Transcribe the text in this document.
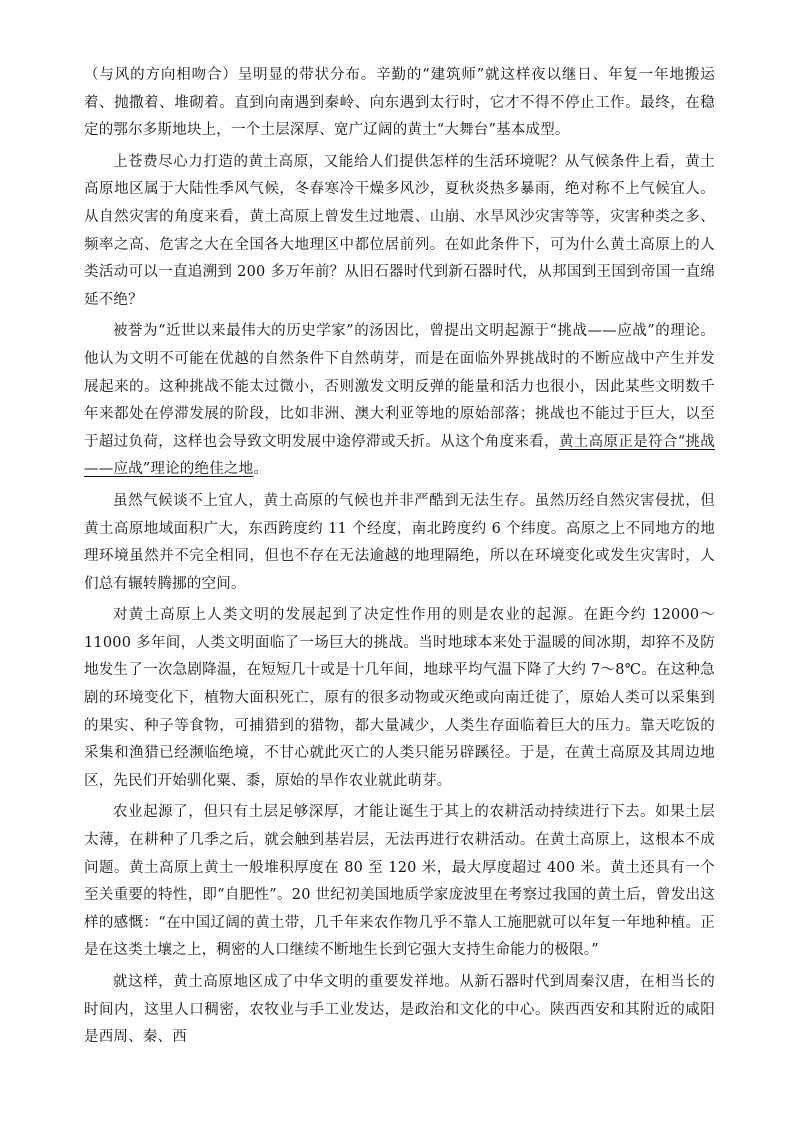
（与风的方向相吻合）呈明显的带状分布。辛勤的“建筑师”就这样夜以继日、年复一年地搬运着、抛撒着、堆砌着。直到向南遇到秦岭、向东遇到太行时，它才不得不停止工作。最终，在稳定的鄂尔多斯地块上，一个土层深厚、宽广辽阔的黄土“大舞台”基本成型。

上苍费尽心力打造的黄土高原，又能给人们提供怎样的生活环境呢？从气候条件上看，黄土高原地区属于大陆性季风气候，冬春寒冷干燥多风沙，夏秋炎热多暴雨，绝对称不上气候宜人。从自然灾害的角度来看，黄土高原上曾发生过地震、山崩、水旱风沙灾害等等，灾害种类之多、频率之高、危害之大在全国各大地理区中都位居前列。在如此条件下，可为什么黄土高原上的人类活动可以一直追溯到 200 多万年前？从旧石器时代到新石器时代，从邦国到王国到帝国一直绵延不绝？

被誉为“近世以来最伟大的历史学家”的汤因比，曾提出文明起源于“挑战——应战”的理论。他认为文明不可能在优越的自然条件下自然萌芽，而是在面临外界挑战时的不断应战中产生并发展起来的。这种挑战不能太过微小，否则激发文明反弹的能量和活力也很小，因此某些文明数千年来都处在停滞发展的阶段，比如非洲、澳大利亚等地的原始部落；挑战也不能过于巨大，以至于超过负荷，这样也会导致文明发展中途停滞或夭折。从这个角度来看，黄土高原正是符合“挑战——应战”理论的绝佳之地。

虽然气候谈不上宜人，黄土高原的气候也并非严酷到无法生存。虽然历经自然灾害侵扰，但黄土高原地域面积广大，东西跨度约 11 个经度，南北跨度约 6 个纬度。高原之上不同地方的地理环境虽然并不完全相同，但也不存在无法逾越的地理隔绝，所以在环境变化或发生灾害时，人们总有辗转腾挪的空间。

对黄土高原上人类文明的发展起到了决定性作用的则是农业的起源。在距今约 12000～11000 多年间，人类文明面临了一场巨大的挑战。当时地球本来处于温暖的间冰期，却猝不及防地发生了一次急剧降温，在短短几十或是十几年间，地球平均气温下降了大约 7～8℃。在这种急剧的环境变化下，植物大面积死亡，原有的很多动物或灭绝或向南迁徙了，原始人类可以采集到的果实、种子等食物，可捕猎到的猎物，都大量减少，人类生存面临着巨大的压力。靠天吃饭的采集和渔猎已经濒临绝境，不甘心就此灭亡的人类只能另辟蹊径。于是，在黄土高原及其周边地区，先民们开始驯化粟、黍，原始的旱作农业就此萌芽。

农业起源了，但只有土层足够深厚，才能让诞生于其上的农耕活动持续进行下去。如果土层太薄，在耕种了几季之后，就会触到基岩层，无法再进行农耕活动。在黄土高原上，这根本不成问题。黄土高原上黄土一般堆积厚度在 80 至 120 米，最大厚度超过 400 米。黄土还具有一个至关重要的特性，即“自肥性”。20 世纪初美国地质学家庞波里在考察过我国的黄土后，曾发出这样的感慨：“在中国辽阔的黄土带，几千年来农作物几乎不靠人工施肥就可以年复一年地种植。正是在这类土壤之上，稠密的人口继续不断地生长到它强大支持生命能力的极限。”

就这样，黄土高原地区成了中华文明的重要发祥地。从新石器时代到周秦汉唐，在相当长的时间内，这里人口稠密，农牧业与手工业发达，是政治和文化的中心。陕西西安和其附近的咸阳是西周、秦、西
